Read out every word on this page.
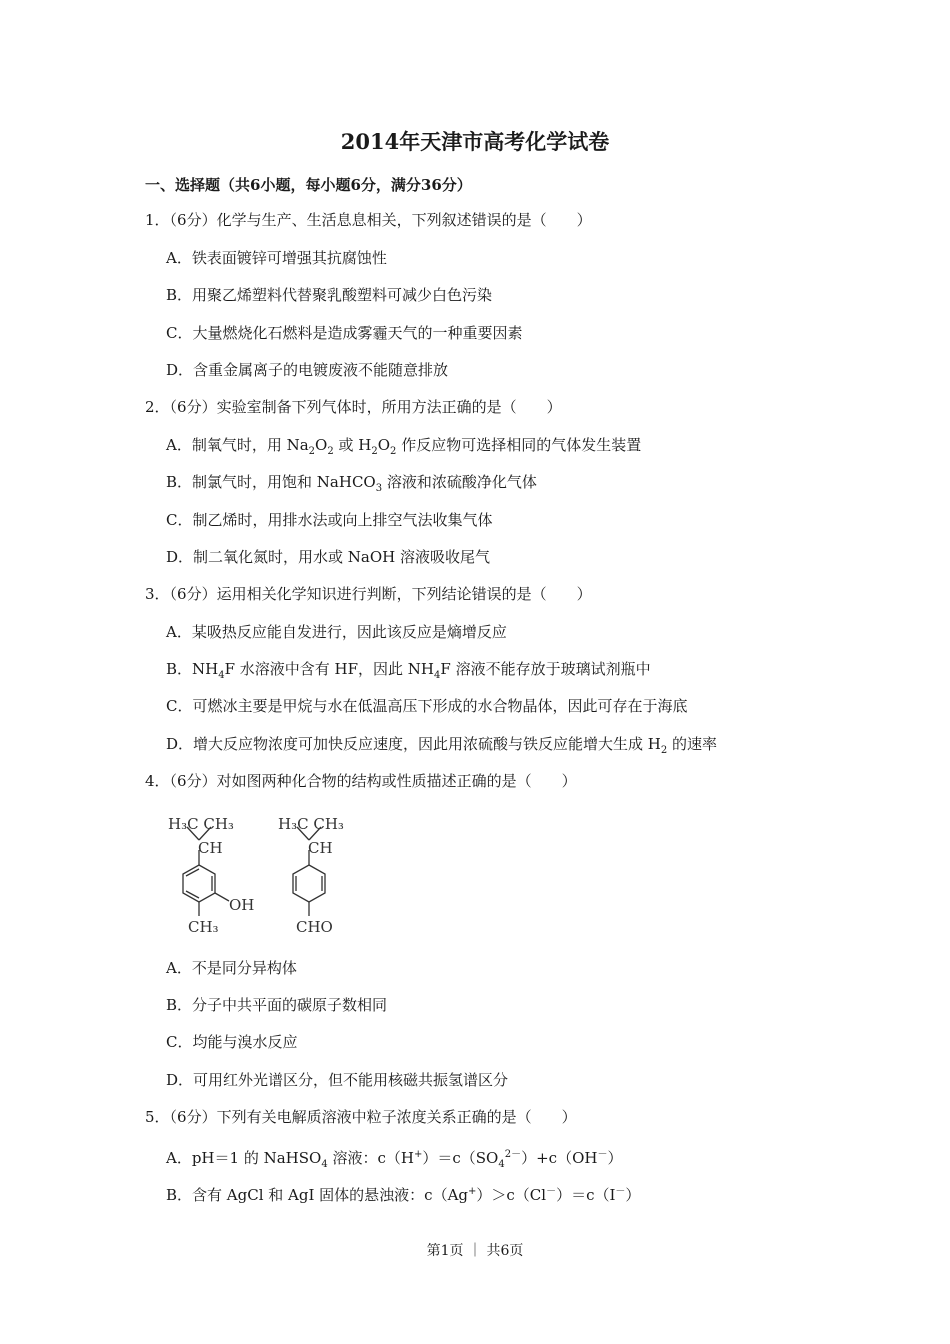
2014年天津市高考化学试卷
一、选择题（共6小题，每小题6分，满分36分）
1．（6分）化学与生产、生活息息相关，下列叙述错误的是（　　）
A．铁表面镀锌可增强其抗腐蚀性
B．用聚乙烯塑料代替聚乳酸塑料可减少白色污染
C．大量燃烧化石燃料是造成雾霾天气的一种重要因素
D．含重金属离子的电镀废液不能随意排放
2．（6分）实验室制备下列气体时，所用方法正确的是（　　）
A．制氧气时，用 $Na_2O_2$ 或 $H_2O_2$ 作反应物可选择相同的气体发生装置
B．制氯气时，用饱和 NaHCO$_3$ 溶液和浓硫酸净化气体
C．制乙烯时，用排水法或向上排空气法收集气体
D．制二氧化氮时，用水或 NaOH 溶液吸收尾气
3．（6分）运用相关化学知识进行判断，下列结论错误的是（　　）
A．某吸热反应能自发进行，因此该反应是熵增反应
B．$NH_4F$ 水溶液中含有 HF，因此 $NH_4F$ 溶液不能存放于玻璃试剂瓶中
C．可燃冰主要是甲烷与水在低温高压下形成的水合物晶体，因此可存在于海底
D．增大反应物浓度可加快反应速度，因此用浓硫酸与铁反应能增大生成 $H_2$ 的速率
4．（6分）对如图两种化合物的结构或性质描述正确的是（　　）
H₃C CH₃
CH
OH
CH₃
H₃C CH₃
CH
CHO
A．不是同分异构体
B．分子中共平面的碳原子数相同
C．均能与溴水反应
D．可用红外光谱区分，但不能用核磁共振氢谱区分
5．（6分）下列有关电解质溶液中粒子浓度关系正确的是（　　）
A．pH＝1 的 NaHSO$_4$ 溶液：$c(H^+)=c(SO_4^{2-})+c(OH^-)$
B．含有 AgCl 和 AgI 固体的悬浊液：c（Ag+）＞c（Cl－）＝c（I－）
第1页 ｜ 共6页
